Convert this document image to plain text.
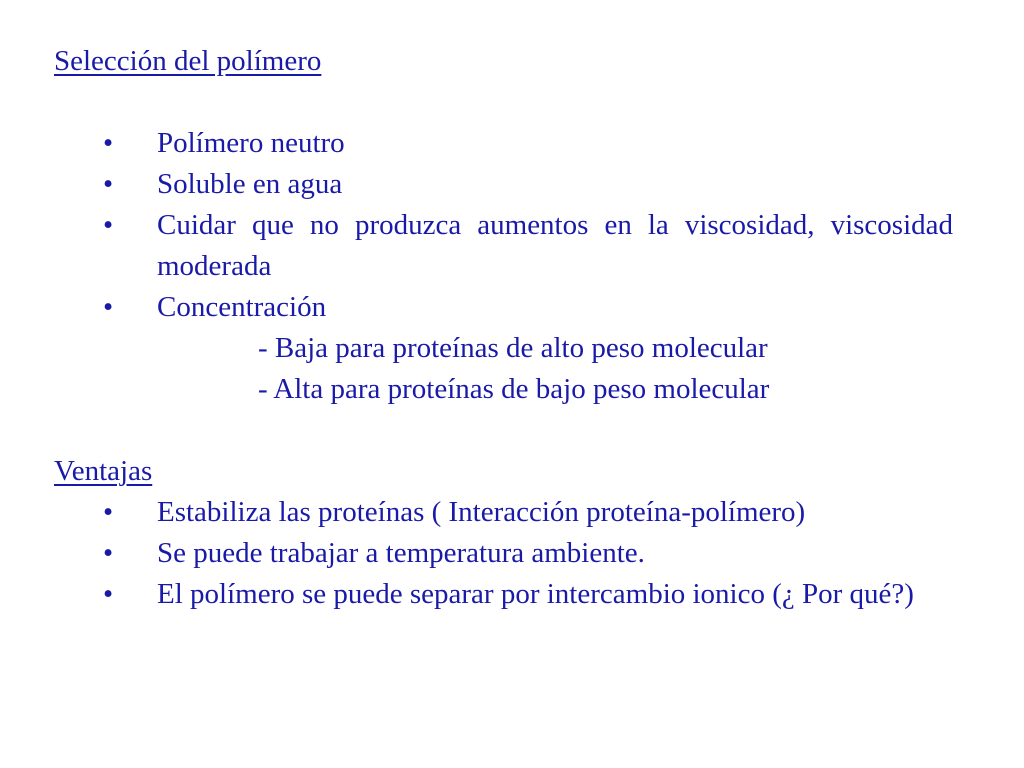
Selección del polímero
• Polímero neutro
• Soluble en agua
• Cuidar que no produzca aumentos en la viscosidad, viscosidad moderada
• Concentración
- Baja para proteínas de alto peso molecular
- Alta para proteínas de bajo peso molecular
Ventajas
• Estabiliza las proteínas ( Interacción proteína-polímero)
• Se puede trabajar a temperatura ambiente.
• El polímero se puede separar por intercambio ionico (¿ Por qué?)
